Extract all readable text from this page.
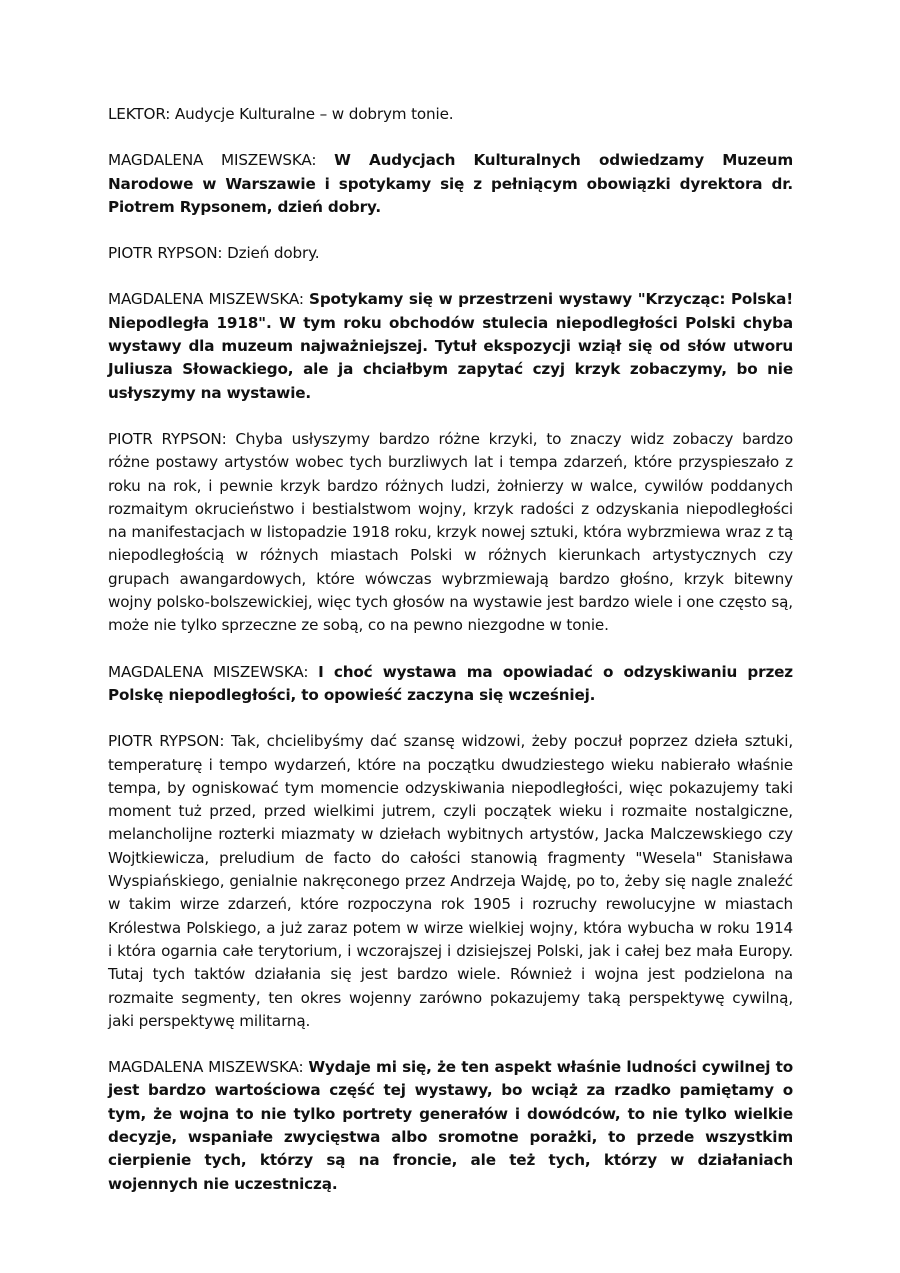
LEKTOR: Audycje Kulturalne – w dobrym tonie.

MAGDALENA MISZEWSKA: W Audycjach Kulturalnych odwiedzamy Muzeum Narodowe w Warszawie i spotykamy się z pełniącym obowiązki dyrektora dr. Piotrem Rypsonem, dzień dobry.

PIOTR RYPSON: Dzień dobry.

MAGDALENA MISZEWSKA: Spotykamy się w przestrzeni wystawy "Krzycząc: Polska! Niepodległa 1918". W tym roku obchodów stulecia niepodległości Polski chyba wystawy dla muzeum najważniejszej. Tytuł ekspozycji wziął się od słów utworu Juliusza Słowackiego, ale ja chciałbym zapytać czyj krzyk zobaczymy, bo nie usłyszymy na wystawie.

PIOTR RYPSON: Chyba usłyszymy bardzo różne krzyki, to znaczy widz zobaczy bardzo różne postawy artystów wobec tych burzliwych lat i tempa zdarzeń, które przyspieszało z roku na rok, i pewnie krzyk bardzo różnych ludzi, żołnierzy w walce, cywilów poddanych rozmaitym okrucieństwo i bestialstwom wojny, krzyk radości z odzyskania niepodległości na manifestacjach w listopadzie 1918 roku, krzyk nowej sztuki, która wybrzmiewa wraz z tą niepodległością w różnych miastach Polski w różnych kierunkach artystycznych czy grupach awangardowych, które wówczas wybrzmiewają bardzo głośno, krzyk bitewny wojny polsko-bolszewickiej, więc tych głosów na wystawie jest bardzo wiele i one często są, może nie tylko sprzeczne ze sobą, co na pewno niezgodne w tonie.

MAGDALENA MISZEWSKA: I choć wystawa ma opowiadać o odzyskiwaniu przez Polskę niepodległości, to opowieść zaczyna się wcześniej.

PIOTR RYPSON: Tak, chcielibyśmy dać szansę widzowi, żeby poczuł poprzez dzieła sztuki, temperaturę i tempo wydarzeń, które na początku dwudziestego wieku nabierało właśnie tempa, by ogniskować tym momencie odzyskiwania niepodległości, więc pokazujemy taki moment tuż przed, przed wielkimi jutrem, czyli początek wieku i rozmaite nostalgiczne, melancholijne rozterki miazmaty w dziełach wybitnych artystów, Jacka Malczewskiego czy Wojtkiewicza, preludium de facto do całości stanowią fragmenty "Wesela" Stanisława Wyspiańskiego, genialnie nakręconego przez Andrzeja Wajdę, po to, żeby się nagle znaleźć w takim wirze zdarzeń, które rozpoczyna rok 1905 i rozruchy rewolucyjne w miastach Królestwa Polskiego, a już zaraz potem w wirze wielkiej wojny, która wybucha w roku 1914 i która ogarnia całe terytorium, i wczorajszej i dzisiejszej Polski, jak i całej bez mała Europy. Tutaj tych taktów działania się jest bardzo wiele. Również i wojna jest podzielona na rozmaite segmenty, ten okres wojenny zarówno pokazujemy taką perspektywę cywilną, jaki perspektywę militarną.

MAGDALENA MISZEWSKA: Wydaje mi się, że ten aspekt właśnie ludności cywilnej to jest bardzo wartościowa część tej wystawy, bo wciąż za rzadko pamiętamy o tym, że wojna to nie tylko portrety generałów i dowódców, to nie tylko wielkie decyzje, wspaniałe zwycięstwa albo sromotne porażki, to przede wszystkim cierpienie tych, którzy są na froncie, ale też tych, którzy w działaniach wojennych nie uczestniczą.
